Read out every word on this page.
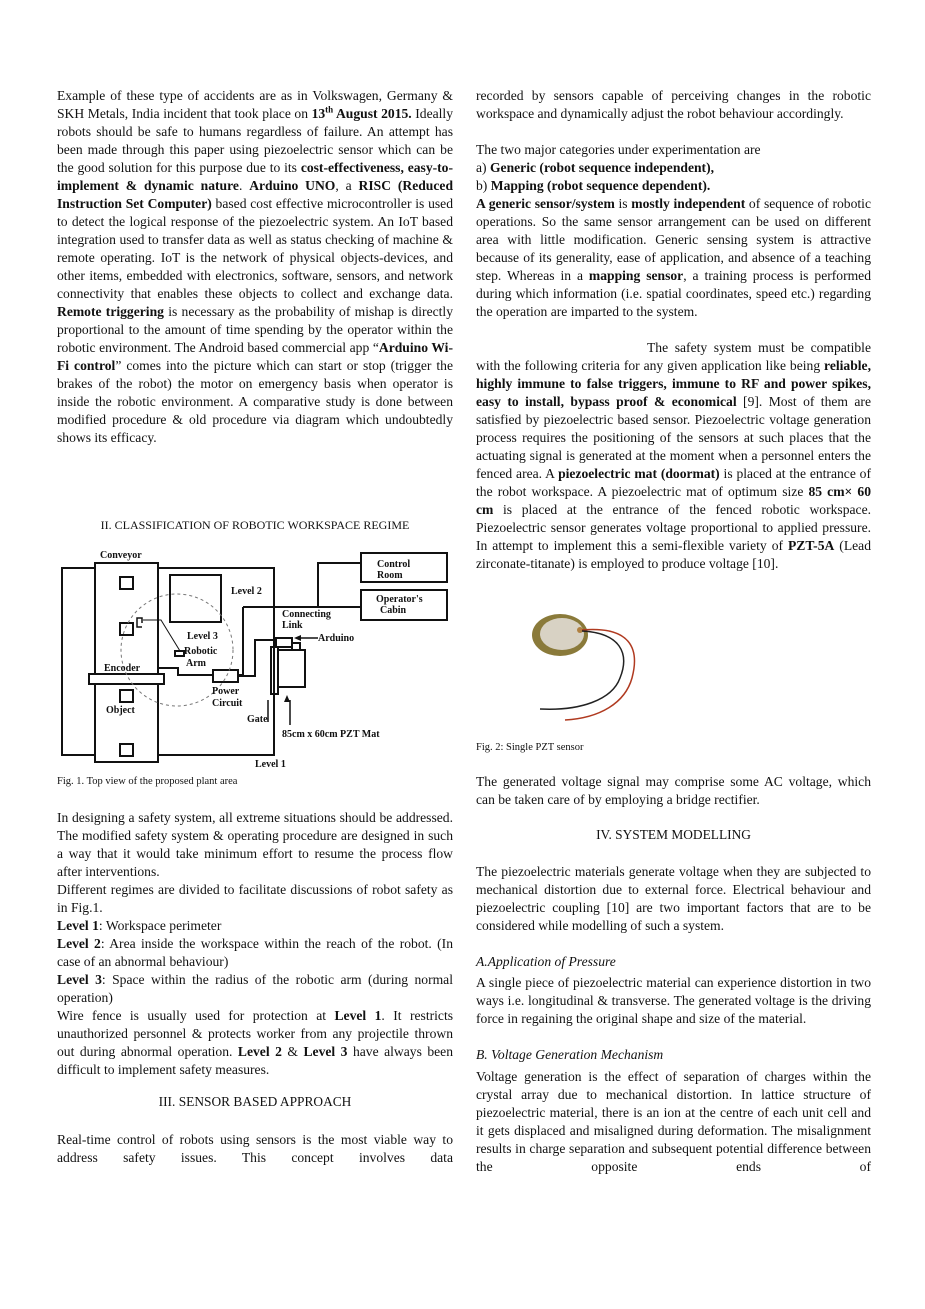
Example of these type of accidents are as in Volkswagen, Germany & SKH Metals, India incident that took place on 13th August 2015. Ideally robots should be safe to humans regardless of failure. An attempt has been made through this paper using piezoelectric sensor which can be the good solution for this purpose due to its cost-effectiveness, easy-to-implement & dynamic nature. Arduino UNO, a RISC (Reduced Instruction Set Computer) based cost effective microcontroller is used to detect the logical response of the piezoelectric system. An IoT based integration used to transfer data as well as status checking of machine & remote operating. IoT is the network of physical objects-devices, and other items, embedded with electronics, software, sensors, and network connectivity that enables these objects to collect and exchange data. Remote triggering is necessary as the probability of mishap is directly proportional to the amount of time spending by the operator within the robotic environment. The Android based commercial app “Arduino Wi-Fi control” comes into the picture which can start or stop (trigger the brakes of the robot) the motor on emergency basis when operator is inside the robotic environment. A comparative study is done between modified procedure & old procedure via diagram which undoubtedly shows its efficacy.
II. CLASSIFICATION OF ROBOTIC WORKSPACE REGIME
Conveyor
Control
Room
Operator's
Cabin
Level 2
Connecting
Link
Arduino
Level 3
Robotic
Arm
Encoder
Power
Circuit
Object
Gate
85cm x 60cm PZT Mat
Level 1
Fig. 1. Top view of the proposed plant area
In designing a safety system, all extreme situations should be addressed. The modified safety system & operating procedure are designed in such a way that it would take minimum effort to resume the process flow after interventions.
Different regimes are divided to facilitate discussions of robot safety as in Fig.1.
Level 1: Workspace perimeter
Level 2: Area inside the workspace within the reach of the robot. (In case of an abnormal behaviour)
Level 3: Space within the radius of the robotic arm (during normal operation)
Wire fence is usually used for protection at Level 1. It restricts unauthorized personnel & protects worker from any projectile thrown out during abnormal operation. Level 2 & Level 3 have always been difficult to implement safety measures.
III. SENSOR BASED APPROACH
Real-time control of robots using sensors is the most viable way to address safety issues. This concept involves data
recorded by sensors capable of perceiving changes in the robotic workspace and dynamically adjust the robot behaviour accordingly.
The two major categories under experimentation are
a) Generic (robot sequence independent),
b) Mapping (robot sequence dependent).
A generic sensor/system is mostly independent of sequence of robotic operations. So the same sensor arrangement can be used on different area with little modification. Generic sensing system is attractive because of its generality, ease of application, and absence of a teaching step. Whereas in a mapping sensor, a training process is performed during which information (i.e. spatial coordinates, speed etc.) regarding the operation are imparted to the system.
The safety system must be compatible with the following criteria for any given application like being reliable, highly immune to false triggers, immune to RF and power spikes, easy to install, bypass proof & economical [9]. Most of them are satisfied by piezoelectric based sensor. Piezoelectric voltage generation process requires the positioning of the sensors at such places that the actuating signal is generated at the moment when a personnel enters the fenced area. A piezoelectric mat (doormat) is placed at the entrance of the robot workspace. A piezoelectric mat of optimum size 85 cm× 60 cm is placed at the entrance of the fenced robotic workspace. Piezoelectric sensor generates voltage proportional to applied pressure. In attempt to implement this a semi-flexible variety of PZT-5A (Lead zirconate-titanate) is employed to produce voltage [10].
Fig. 2: Single PZT sensor
The generated voltage signal may comprise some AC voltage, which can be taken care of by employing a bridge rectifier.
IV. SYSTEM MODELLING
The piezoelectric materials generate voltage when they are subjected to mechanical distortion due to external force. Electrical behaviour and piezoelectric coupling [10] are two important factors that are to be considered while modelling of such a system.
A.Application of Pressure
A single piece of piezoelectric material can experience distortion in two ways i.e. longitudinal & transverse. The generated voltage is the driving force in regaining the original shape and size of the material.
B. Voltage Generation Mechanism
Voltage generation is the effect of separation of charges within the crystal array due to mechanical distortion. In lattice structure of piezoelectric material, there is an ion at the centre of each unit cell and it gets displaced and misaligned during deformation. The misalignment results in charge separation and subsequent potential difference between the opposite ends of
